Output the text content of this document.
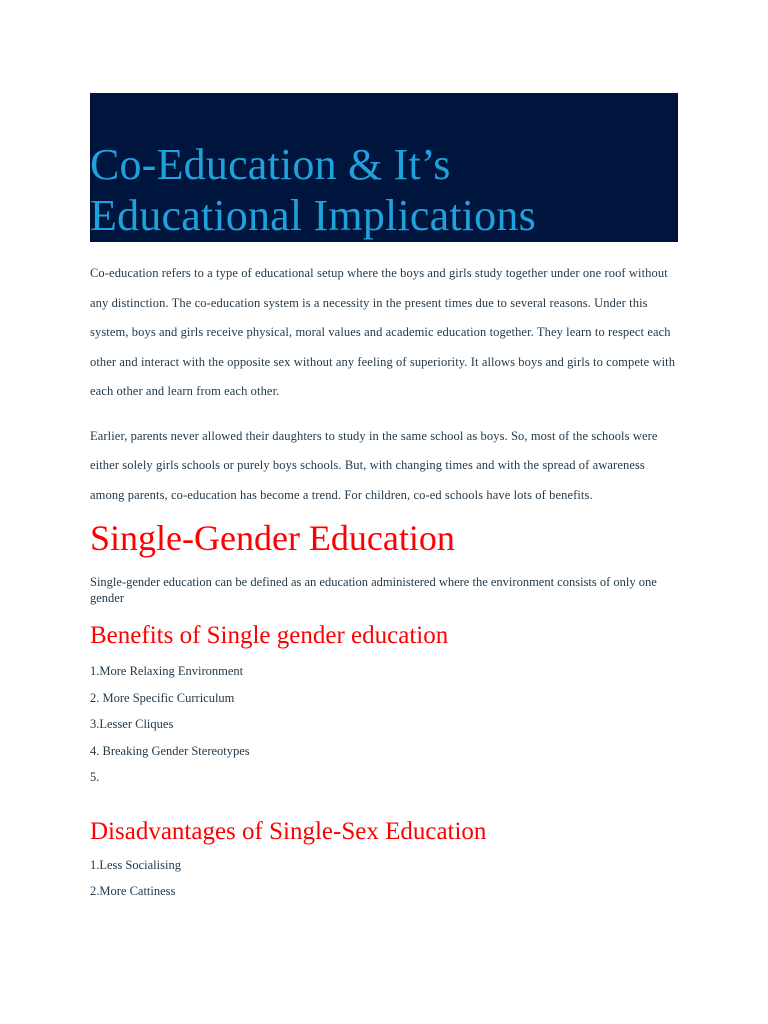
Co-Education & It’s
Educational Implications

Co-education refers to a type of educational setup where the boys and girls study together under one roof without any distinction. The co-education system is a necessity in the present times due to several reasons. Under this system, boys and girls receive physical, moral values and academic education together. They learn to respect each other and interact with the opposite sex without any feeling of superiority. It allows boys and girls to compete with each other and learn from each other.

Earlier, parents never allowed their daughters to study in the same school as boys. So, most of the schools were either solely girls schools or purely boys schools. But, with changing times and with the spread of awareness among parents, co-education has become a trend. For children, co-ed schools have lots of benefits.

Single-Gender Education

Single-gender education can be defined as an education administered where the environment consists of only one gender

Benefits of Single gender education
1.More Relaxing Environment
2. More Specific Curriculum
3.Lesser Cliques
4. Breaking Gender Stereotypes
5.
Disadvantages of Single-Sex Education
1.Less Socialising
2.More Cattiness
